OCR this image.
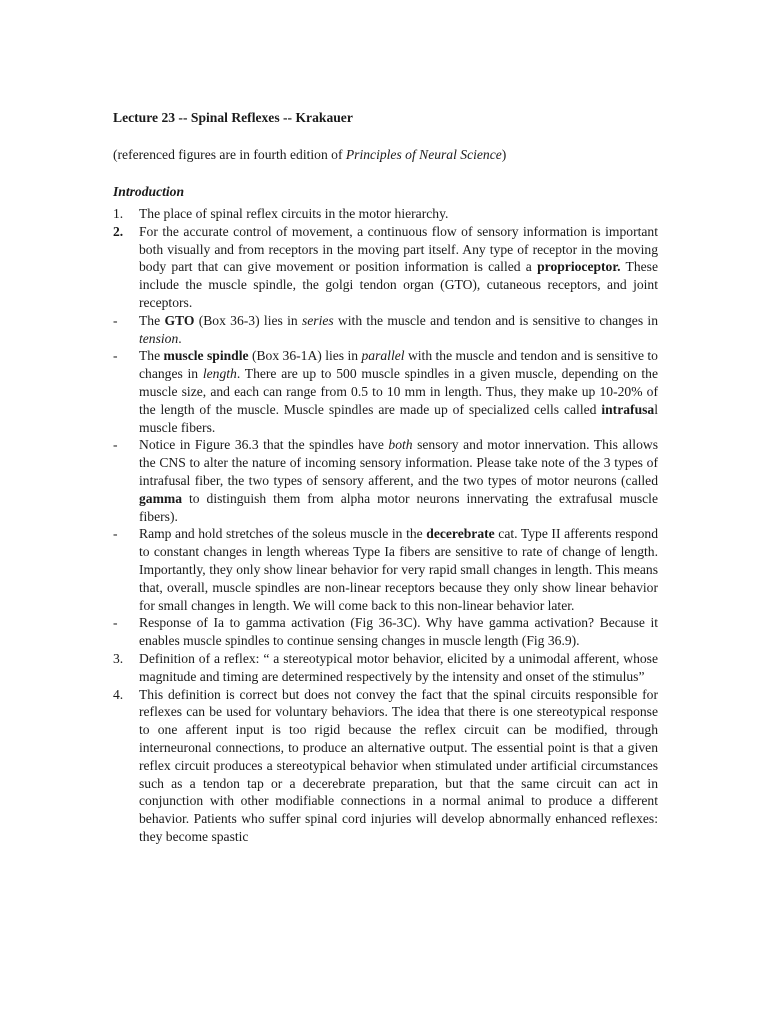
Lecture 23 -- Spinal Reflexes -- Krakauer
(referenced figures are in fourth edition of Principles of Neural Science)
Introduction
1.	The place of spinal reflex circuits in the motor hierarchy.
2.	For the accurate control of movement, a continuous flow of sensory information is important both visually and from receptors in the moving part itself. Any type of receptor in the moving body part that can give movement or position information is called a proprioceptor. These include the muscle spindle, the golgi tendon organ (GTO), cutaneous receptors, and joint receptors.
-	The GTO (Box 36-3) lies in series with the muscle and tendon and is sensitive to changes in tension.
-	The muscle spindle (Box 36-1A) lies in parallel with the muscle and tendon and is sensitive to changes in length. There are up to 500 muscle spindles in a given muscle, depending on the muscle size, and each can range from 0.5 to 10 mm in length. Thus, they make up 10-20% of the length of the muscle. Muscle spindles are made up of specialized cells called intrafusal muscle fibers.
-	Notice in Figure 36.3 that the spindles have both sensory and motor innervation. This allows the CNS to alter the nature of incoming sensory information. Please take note of the 3 types of intrafusal fiber, the two types of sensory afferent, and the two types of motor neurons (called gamma to distinguish them from alpha motor neurons innervating the extrafusal muscle fibers).
-	Ramp and hold stretches of the soleus muscle in the decerebrate cat. Type II afferents respond to constant changes in length whereas Type Ia fibers are sensitive to rate of change of length. Importantly, they only show linear behavior for very rapid small changes in length. This means that, overall, muscle spindles are non-linear receptors because they only show linear behavior for small changes in length. We will come back to this non-linear behavior later.
-	Response of Ia to gamma activation (Fig 36-3C). Why have gamma activation? Because it enables muscle spindles to continue sensing changes in muscle length (Fig 36.9).
3.	Definition of a reflex: “ a stereotypical motor behavior, elicited by a unimodal afferent, whose magnitude and timing are determined respectively by the intensity and onset of the stimulus”
4.	This definition is correct but does not convey the fact that the spinal circuits responsible for reflexes can be used for voluntary behaviors. The idea that there is one stereotypical response to one afferent input is too rigid because the reflex circuit can be modified, through interneuronal connections, to produce an alternative output. The essential point is that a given reflex circuit produces a stereotypical behavior when stimulated under artificial circumstances such as a tendon tap or a decerebrate preparation, but that the same circuit can act in conjunction with other modifiable connections in a normal animal to produce a different behavior. Patients who suffer spinal cord injuries will develop abnormally enhanced reflexes: they become spastic
